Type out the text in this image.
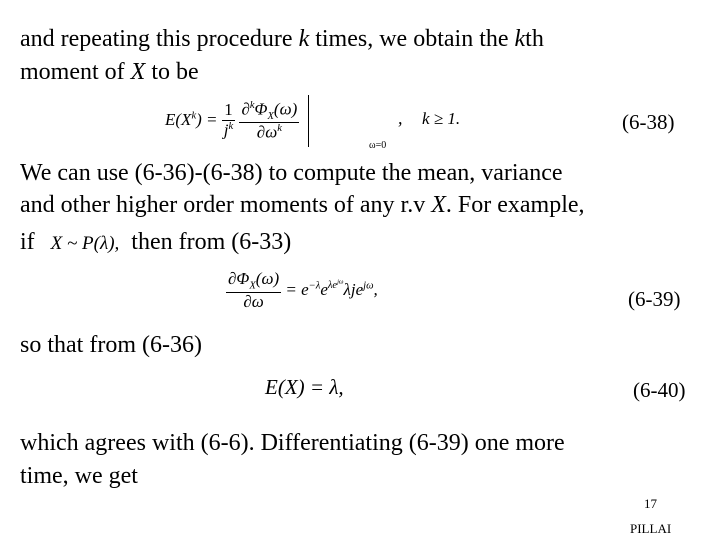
and repeating this procedure k times, we obtain the kth
moment of X to be
$E(X^k) = \frac{1}{j^k}$
$\frac{\partial^k\Phi_X(\omega)}{\partial\omega^k}$

ω=0
, k ≥ 1.	(6-38)
We can use (6-36)-(6-38) to compute the mean, variance
and other higher order moments of any r.v X. For example,
if X ~ P(λ), then from (6-33)
$\frac{\partial\Phi_X(\omega)}{\partial\omega} = e^{-\lambda}e^{\lambda e^{j\omega}}\lambda je^{j\omega}$,	(6-39)
so that from (6-36)
E(X) = λ,	(6-40)
which agrees with (6-6). Differentiating (6-39) one more
time, we get
17
PILLAI
